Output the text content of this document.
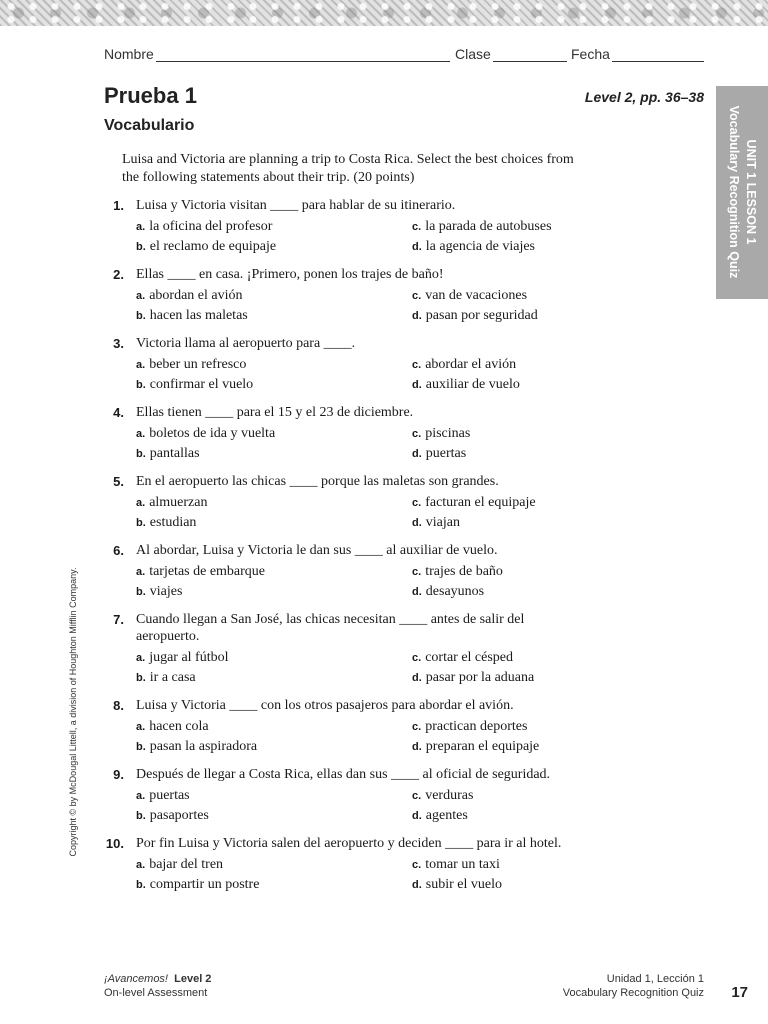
Nombre	Clase	Fecha
Prueba 1	Level 2, pp. 36–38
Vocabulario
UNIT 1 LESSON 1
Vocabulary Recognition Quiz
Copyright © by McDougal Littell, a division of Houghton Mifflin Company.
Luisa and Victoria are planning a trip to Costa Rica. Select the best choices from the following statements about their trip. (20 points)
1. Luisa y Victoria visitan ____ para hablar de su itinerario.
a. la oficina del profesor	c. la parada de autobuses
b. el reclamo de equipaje	d. la agencia de viajes
2. Ellas ____ en casa. ¡Primero, ponen los trajes de baño!
a. abordan el avión	c. van de vacaciones
b. hacen las maletas	d. pasan por seguridad
3. Victoria llama al aeropuerto para ____.
a. beber un refresco	c. abordar el avión
b. confirmar el vuelo	d. auxiliar de vuelo
4. Ellas tienen ____ para el 15 y el 23 de diciembre.
a. boletos de ida y vuelta	c. piscinas
b. pantallas	d. puertas
5. En el aeropuerto las chicas ____ porque las maletas son grandes.
a. almuerzan	c. facturan el equipaje
b. estudian	d. viajan
6. Al abordar, Luisa y Victoria le dan sus ____ al auxiliar de vuelo.
a. tarjetas de embarque	c. trajes de baño
b. viajes	d. desayunos
7. Cuando llegan a San José, las chicas necesitan ____ antes de salir del aeropuerto.
a. jugar al fútbol	c. cortar el césped
b. ir a casa	d. pasar por la aduana
8. Luisa y Victoria ____ con los otros pasajeros para abordar el avión.
a. hacen cola	c. practican deportes
b. pasan la aspiradora	d. preparan el equipaje
9. Después de llegar a Costa Rica, ellas dan sus ____ al oficial de seguridad.
a. puertas	c. verduras
b. pasaportes	d. agentes
10. Por fin Luisa y Victoria salen del aeropuerto y deciden ____ para ir al hotel.
a. bajar del tren	c. tomar un taxi
b. compartir un postre	d. subir el vuelo
¡Avancemos! Level 2
On-level Assessment
Unidad 1, Lección 1
Vocabulary Recognition Quiz 17
